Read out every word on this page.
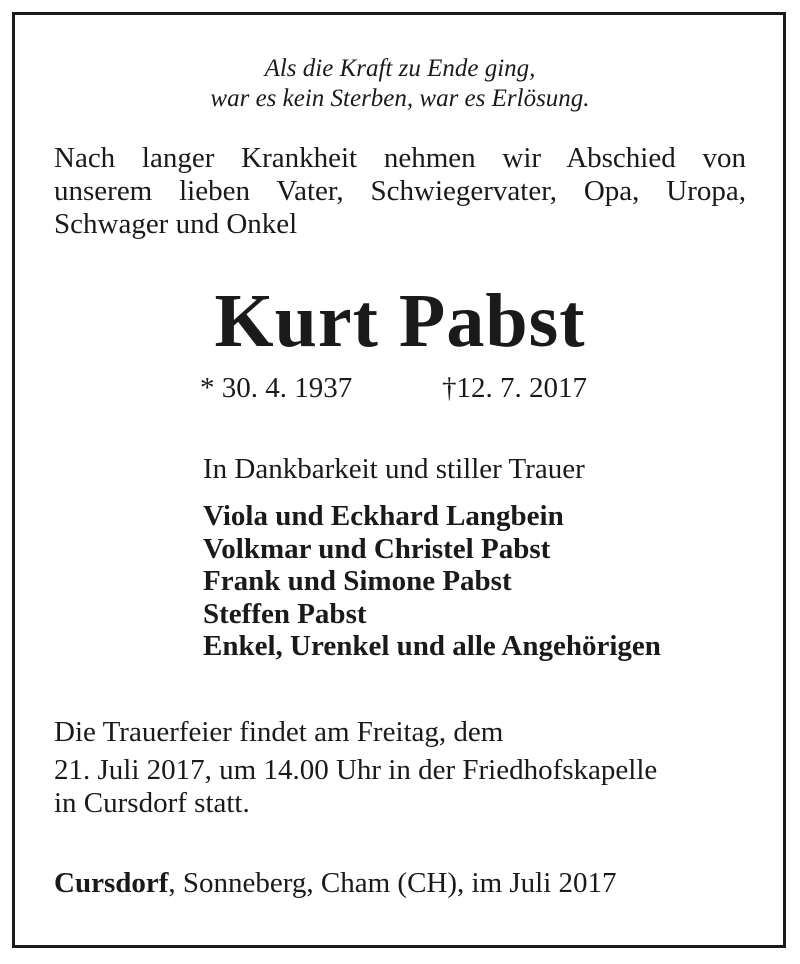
Als die Kraft zu Ende ging,
war es kein Sterben, war es Erlösung.
Nach langer Krankheit nehmen wir Abschied von
unserem lieben Vater, Schwiegervater, Opa, Uropa,
Schwager und Onkel
Kurt Pabst
* 30. 4. 1937	†12. 7. 2017
In Dankbarkeit und stiller Trauer
Viola und Eckhard Langbein
Volkmar und Christel Pabst
Frank und Simone Pabst
Steffen Pabst
Enkel, Urenkel und alle Angehörigen
Die Trauerfeier findet am Freitag, dem
21. Juli 2017, um 14.00 Uhr in der Friedhofskapelle
in Cursdorf statt.
Cursdorf, Sonneberg, Cham (CH), im Juli 2017
